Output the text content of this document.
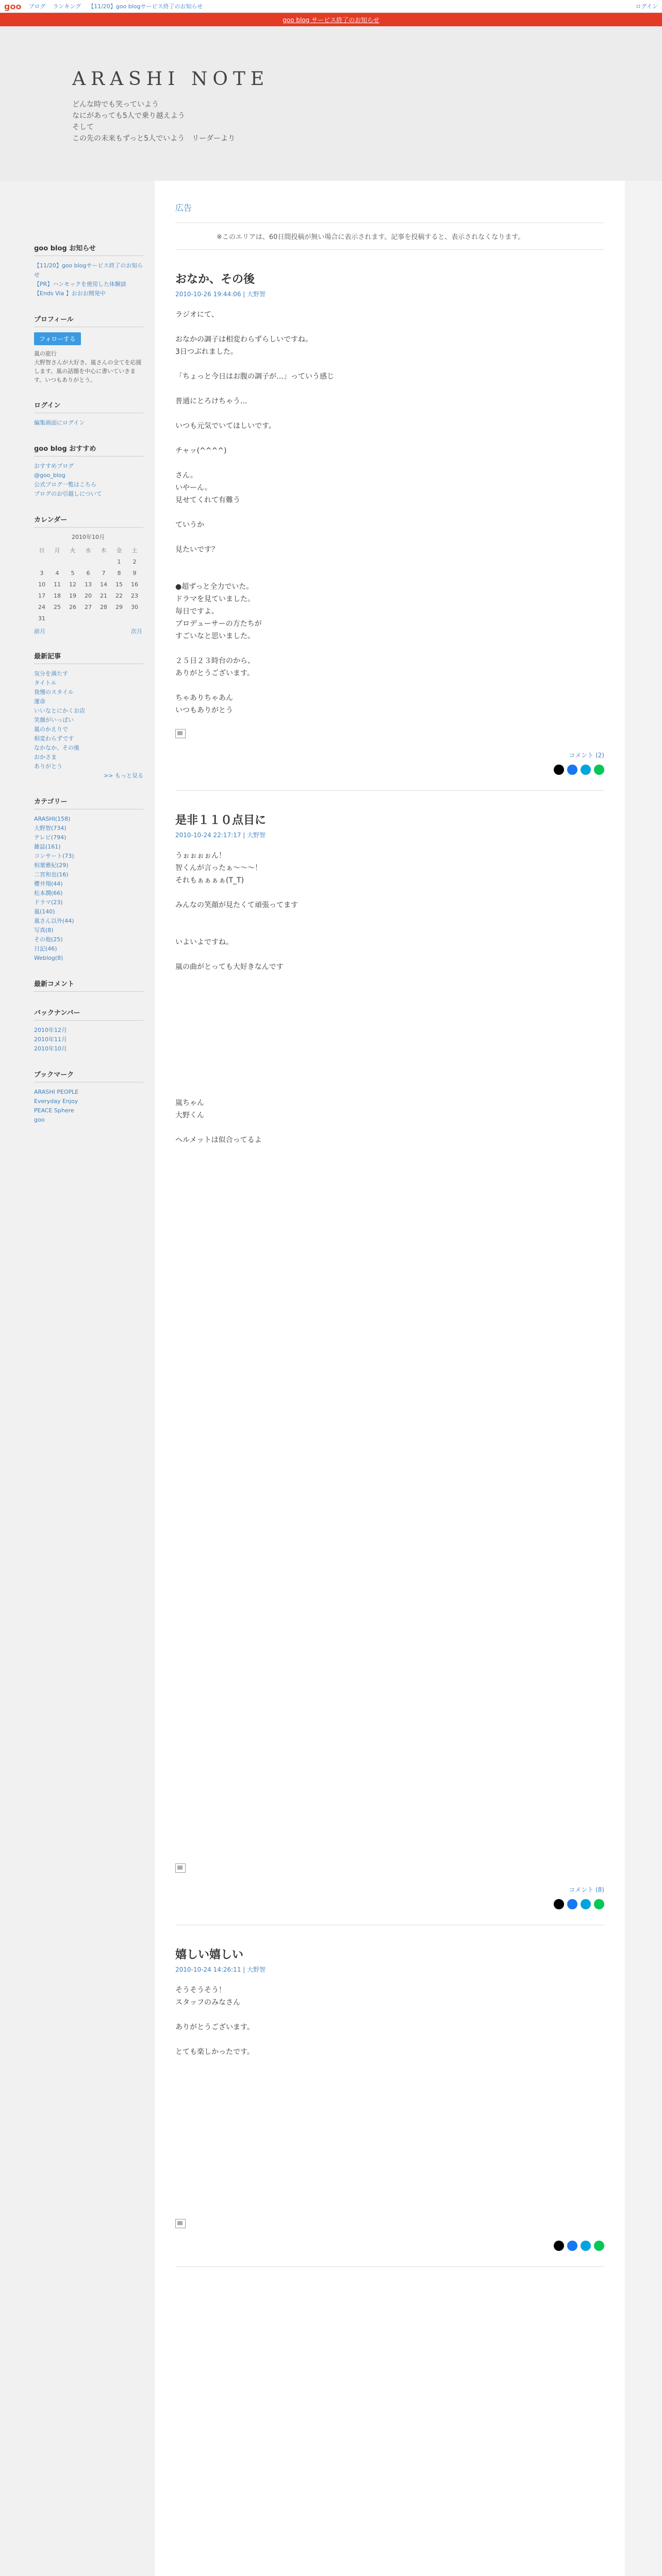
goo ブログ ランキング 【11/20】goo blogサービス終了のお知らせ	ログイン
goo blog サービス終了のお知らせ
ARASHI NOTE
どんな時でも笑っていよう
なにがあっても5人で乗り越えよう
そして
この先の未来もずっと5人でいよう　リーダーより
goo blog お知らせ
【11/20】goo blogサービス終了のお知らせ
【PR】ハンモックを使用した体験談
【Ends Via 】おおお開発中
プロフィール
フォローする
嵐の旅行
大野智さんが大好き。嵐さんの全てを応援します。嵐の話題を中心に書いていきます。いつもありがとう。
ログイン
編集画面にログイン
goo blog おすすめ
おすすめブログ
@goo_blog
公式ブログ一覧はこちら
ブログのお引越しについて
カレンダー
2010年10月
日	月	火	水	木	金	土
					1	2
3	4	5	6	7	8	9
10	11	12	13	14	15	16
17	18	19	20	21	22	23
24	25	26	27	28	29	30
31						
前月	次月
最新記事
気分を満たす
タイトル
我慢のスタイル
運命
いいなとにかくお店
笑顔がいっぱい
嵐のかえりで
相変わらずです
なかなか、その後
おかさま
ありがとう
>> もっと見る
カテゴリー
ARASHI(158)
大野智(734)
テレビ(794)
雑誌(161)
コンサート(73)
相葉雅紀(29)
二宮和也(16)
櫻井翔(44)
松本潤(66)
ドラマ(23)
嵐(140)
嵐さん以外(44)
写真(8)
その他(25)
日記(46)
Weblog(8)
最新コメント
バックナンバー
2010年12月
2010年11月
2010年10月
ブックマーク
ARASHI PEOPLE
Everyday Enjoy
PEACE Sphere
goo
広告
※このエリアは、60日間投稿が無い場合に表示されます。記事を投稿すると、表示されなくなります。
おなか、その後
2010-10-26 19:44:06 | 大野智
ラジオにて、
おなかの調子は相変わらずらしいですね。
3日つぶれました。
「ちょっと今日はお腹の調子が…」っていう感じ
普通にとろけちゃう...
いつも元気でいてほしいです。
チャッ(^^^^)
さん。
いやーん。
見せてくれて有難う
ていうか
見たいです？
●超ずっと全力でいた。
ドラマを見ていました。
毎日ですよ。
プロデューサーの方たちが
すごいなと思いました。
２５日２３時台のから、
ありがとうございます。
ちゃありちゃあん
いつもありがとう
コメント (2)
是非１１０点目に
2010-10-24 22:17:17 | 大野智
うぉぉぉぉん！
智くんが言ったぁ〜〜〜！
それもぁぁぁぁ(T_T)
みんなの笑顔が見たくて頑張ってます
いよいよですね。
嵐の曲がとっても大好きなんです
嵐ちゃん
大野くん
ヘルメットは似合ってるよ
コメント (8)
嬉しい嬉しい
2010-10-24 14:26:11 | 大野智
そうそうそう！
スタッフのみなさん
ありがとうございます。
とても楽しかったです。
